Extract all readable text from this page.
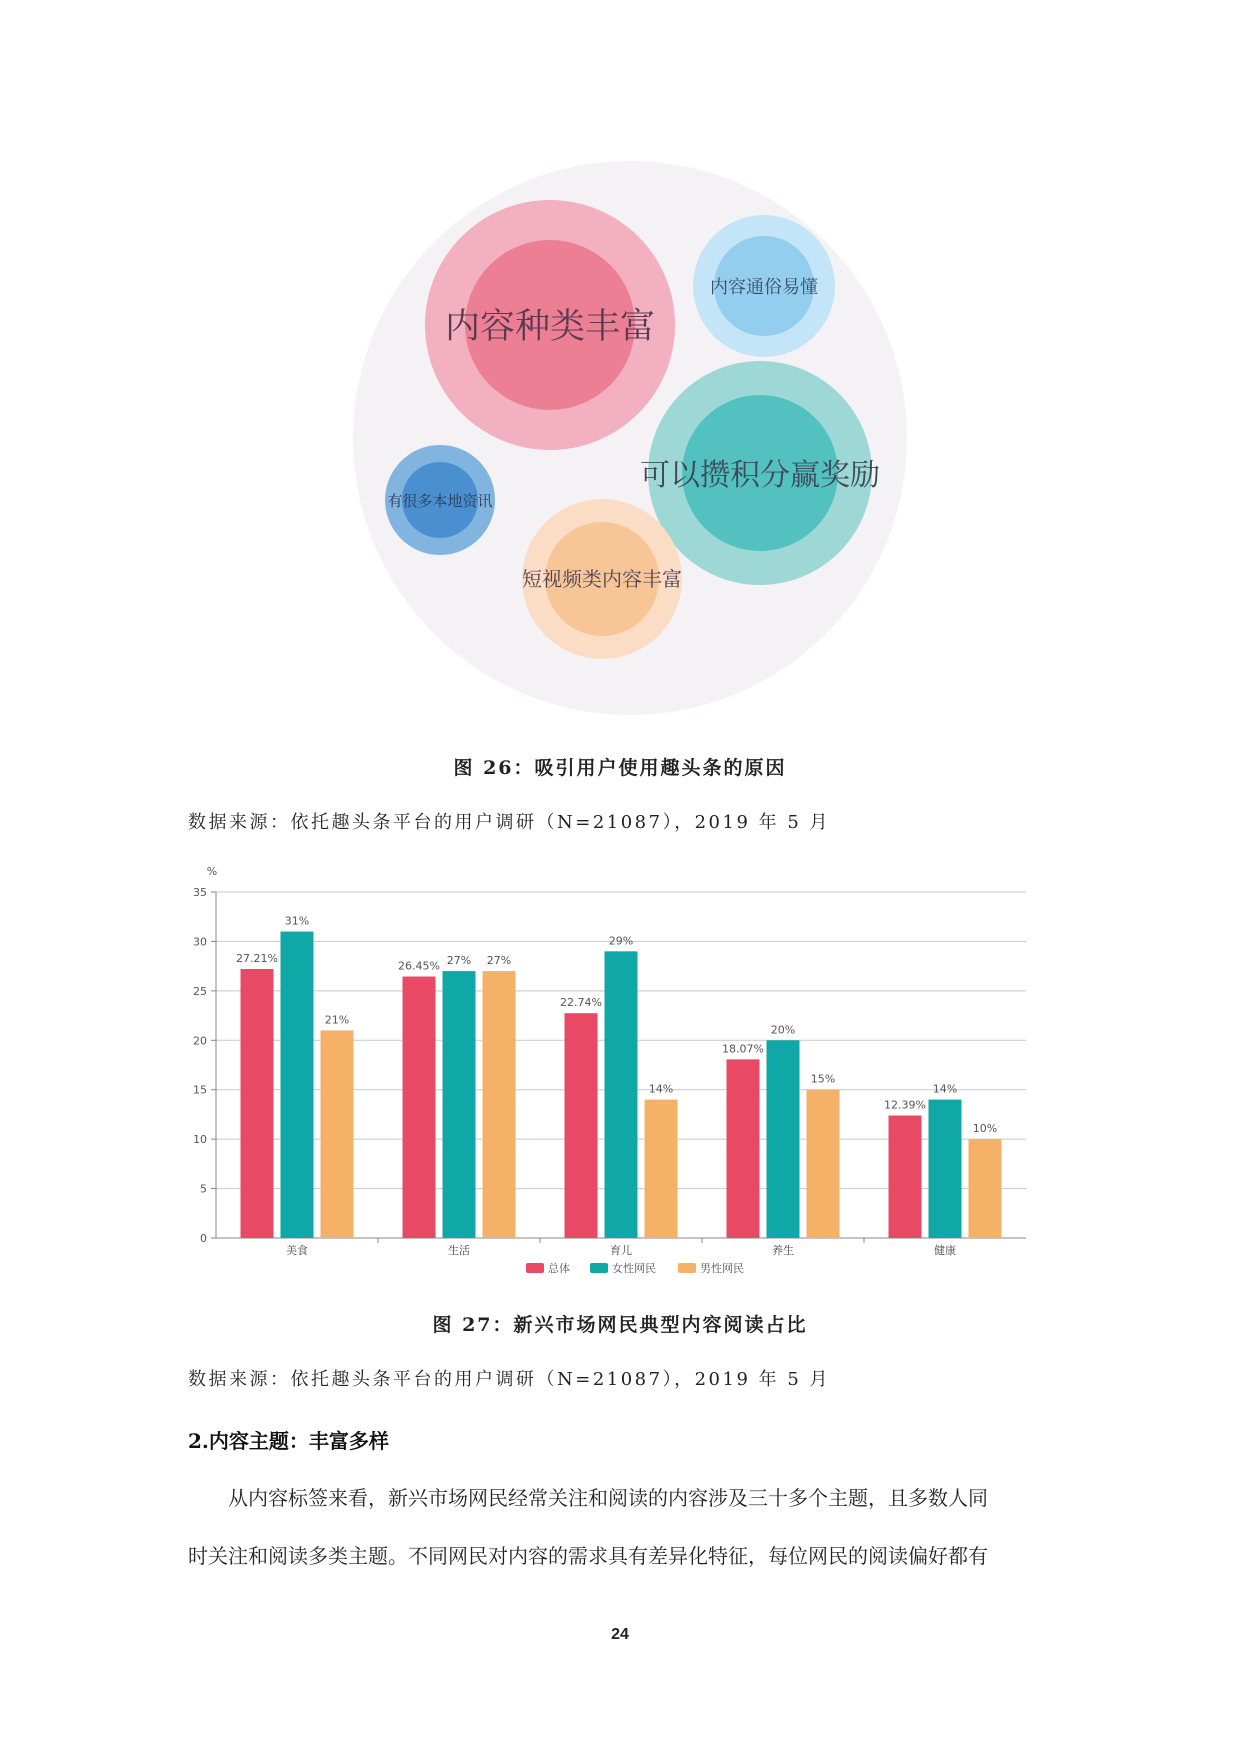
内容种类丰富
内容通俗易懂
可以攒积分赢奖励
有很多本地资讯
短视频类内容丰富
图 26：吸引用户使用趣头条的原因
数据来源：依托趣头条平台的用户调研（N=21087），2019 年 5 月
%
0
5
10
15
20
25
30
35
27.21%
31%
21%
美食
26.45% 27% 27%
生活
22.74%
29%
14%
育儿
18.07%
20%
15%
养生
12.39%
14%
10%
健康
总体	女性网民	男性网民
图 27：新兴市场网民典型内容阅读占比
数据来源：依托趣头条平台的用户调研（N=21087），2019 年 5 月
2.内容主题：丰富多样
从内容标签来看，新兴市场网民经常关注和阅读的内容涉及三十多个主题，且多数人同
时关注和阅读多类主题。不同网民对内容的需求具有差异化特征，每位网民的阅读偏好都有
24
